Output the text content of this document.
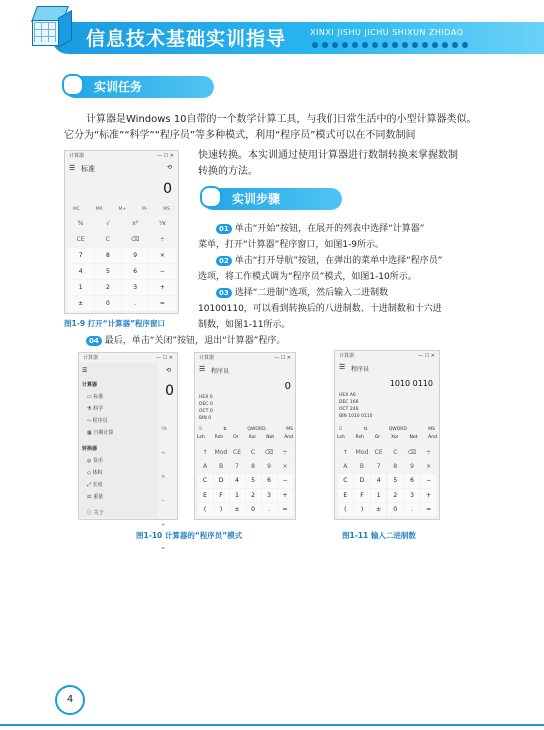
信息技术基础实训指导	XINXI JISHU JICHU SHIXUN ZHIDAO
实训任务
计算器是Windows 10自带的一个数学计算工具，与我们日常生活中的小型计算器类似。
它分为“标准”“科学”“程序员”等多种模式，利用“程序员”模式可以在不同数制间
快速转换。本实训通过使用计算器进行数制转换来掌握数制
转换的方法。
计算器	— ☐ ✕
☰ 标准	⟲
0
MC	MR	M+	M-	MS
%	√	x²	⅟x
CE	C	⌫	÷
7	8	9	×
4	5	6	−
1	2	3	+
±	0	.	=
图1-9 打开“计算器”程序窗口
实训步骤
01 单击“开始”按钮，在展开的列表中选择“计算器”
菜单，打开“计算器”程序窗口，如图1-9所示。
02 单击“打开导航”按钮，在弹出的菜单中选择“程序员”
选项，将工作模式调为“程序员”模式，如图1-10所示。
03 选择“二进制”选项，然后输入二进制数
10100110，可以看到转换后的八进制数、十进制数和十六进
制数，如图1-11所示。
04 最后，单击“关闭”按钮，退出“计算器”程序。
计算器	— ☐ ✕
☰
计算器
▭ 标准
⚗ 科学
‹› 程序员
▦ 日期计算
转换器
◎ 货币
◇ 体积
⤢ 长度
⚖ 重量
ⓘ 关于
0
⟲
⅟x
÷
×
−
+
=
计算器	— ☐ ✕
☰ 程序员
0
HEX 0
DEC 0
OCT 0
BIN 0
⠿	⇅	QWORD	MS
Lsh Rsh Or Xor Not And
↑	Mod CE	C	⌫	÷
A	B	7	8	9	×
C	D	4	5	6	−
E	F	1	2	3	+
(	)	±	0	.	=
图1-10 计算器的“程序员”模式
计算器	— ☐ ✕
☰ 程序员
1010 0110
HEX A6
DEC 166
OCT 246
BIN 1010 0110
⠿	⇅	QWORD	MS
Lsh Rsh Or Xor Not And
↑	Mod	CE	C	⌫	÷
A	B	7	8	9	×
C	D	4	5	6	−
E	F	1	2	3	+
(	)	±	0	.	=
图1-11 输入二进制数
4
